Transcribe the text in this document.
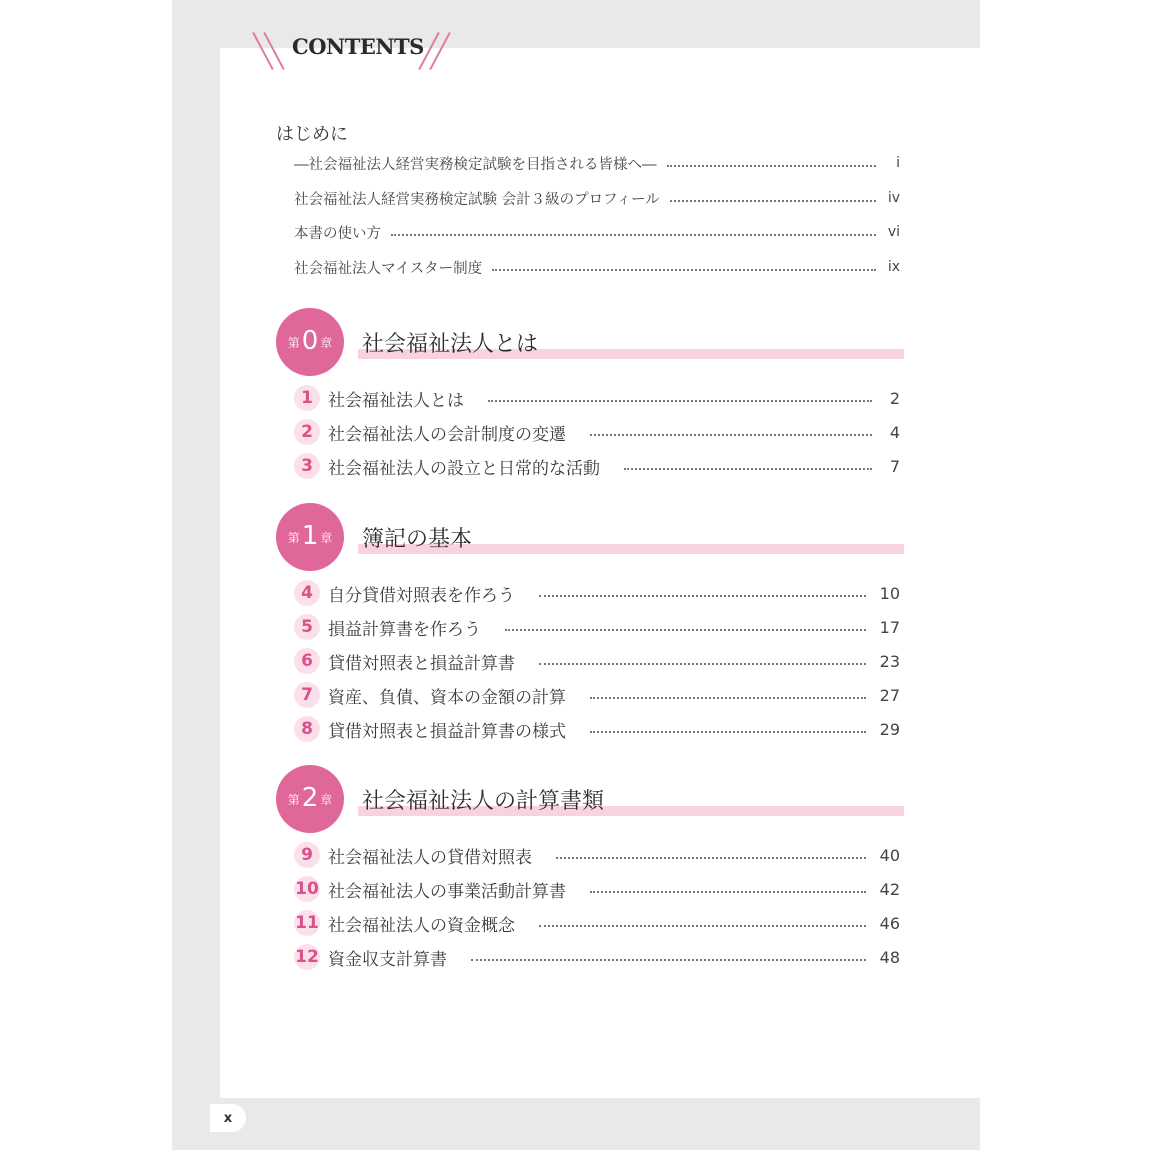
CONTENTS
はじめに
―社会福祉法人経営実務検定試験を目指される皆様へ―	i
社会福祉法人経営実務検定試験 会計３級のプロフィール	iv
本書の使い方	vi
社会福祉法人マイスター制度	ix
第 0 章 社会福祉法人とは
1 社会福祉法人とは	2
2 社会福祉法人の会計制度の変遷	4
3 社会福祉法人の設立と日常的な活動	7
第 1 章 簿記の基本
4 自分貸借対照表を作ろう	10
5 損益計算書を作ろう	17
6 貸借対照表と損益計算書	23
7 資産、負債、資本の金額の計算	27
8 貸借対照表と損益計算書の様式	29
第 2 章 社会福祉法人の計算書類
9 社会福祉法人の貸借対照表	40
10 社会福祉法人の事業活動計算書	42
11 社会福祉法人の資金概念	46
12 資金収支計算書	48
x
